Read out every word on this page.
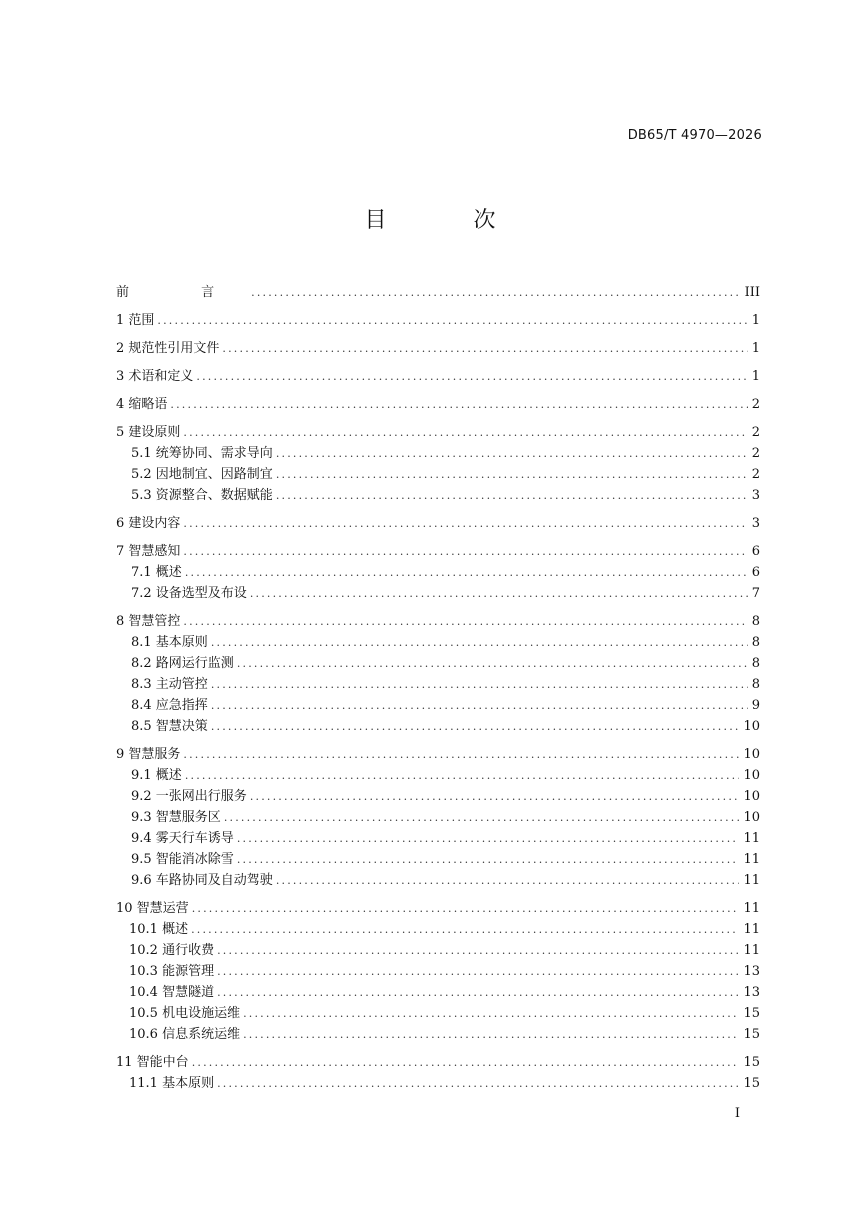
DB65/T 4970—2026
目 次
前 言 .....	III
1 范围 .....	1
2 规范性引用文件 .....	1
3 术语和定义 .....	1
4 缩略语 .....	2
5 建设原则 .....	2
5.1 统筹协同、需求导向 .....	2
5.2 因地制宜、因路制宜 .....	2
5.3 资源整合、数据赋能 .....	3
6 建设内容 .....	3
7 智慧感知 .....	6
7.1 概述 .....	6
7.2 设备选型及布设 .....	7
8 智慧管控 .....	8
8.1 基本原则 .....	8
8.2 路网运行监测 .....	8
8.3 主动管控 .....	8
8.4 应急指挥 .....	9
8.5 智慧决策 .....	10
9 智慧服务 .....	10
9.1 概述 .....	10
9.2 一张网出行服务 .....	10
9.3 智慧服务区 .....	10
9.4 雾天行车诱导 .....	11
9.5 智能消冰除雪 .....	11
9.6 车路协同及自动驾驶 .....	11
10 智慧运营 .....	11
10.1 概述 .....	11
10.2 通行收费 .....	11
10.3 能源管理 .....	13
10.4 智慧隧道 .....	13
10.5 机电设施运维 .....	15
10.6 信息系统运维 .....	15
11 智能中台 .....	15
11.1 基本原则 .....	15
I
